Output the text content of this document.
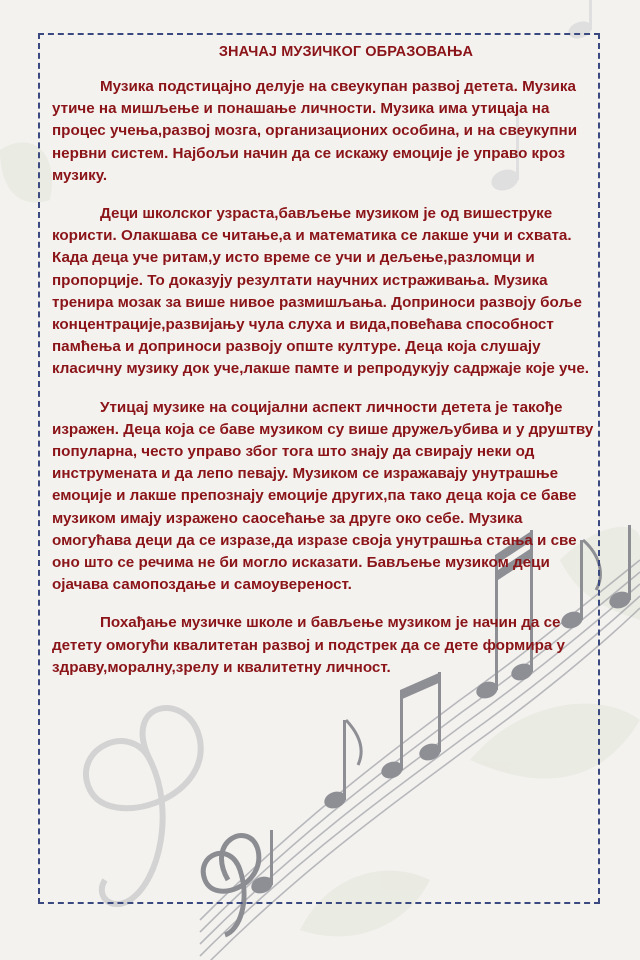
ЗНАЧАЈ МУЗИЧКОГ ОБРАЗОВАЊА

Музика подстицајно делује на свеукупан развој детета. Музика утиче на мишљење и понашање личности. Музика има утицаја на процес учења,развој мозга, организационих особина, и на свеукупни нервни систем. Најбољи начин да се искажу емоције је управо кроз музику.

Деци школског узраста,бављење музиком је од вишеструке користи. Олакшава се читање,а и математика се лакше учи и схвата. Када деца уче ритам,у исто време се учи и дељење,разломци и пропорције. То доказују резултати научних истраживања. Музика тренира мозак за више нивое размишљања. Доприноси развоју боље концентрације,развијању чула слуха и вида,повећава способност памћења и доприноси развоју опште културе. Деца која слушају класичну музику док уче,лакше памте и репродукују садржаје које уче.

Утицај музике на социјални аспект личности детета је такође изражен. Деца која се баве музиком су више дружељубива и у друштву популарна, често управо због тога што знају да свирају неки од инструмената и да лепо певају. Музиком се изражавају унутрашње емоције и лакше препознају емоције других,па тако деца која се баве музиком имају изражено саосећање за друге око себе. Музика омогућава деци да се изразе,да изразе своја унутрашња стања и све оно што се речима не би могло исказати. Бављење музиком деци ојачава самопоздање и самоувереност.

Похађање музичке школе и бављење музиком је начин да се детету омогући квалитетан развој и подстрек да се дете формира у здраву,моралну,зрелу и квалитетну личност.
